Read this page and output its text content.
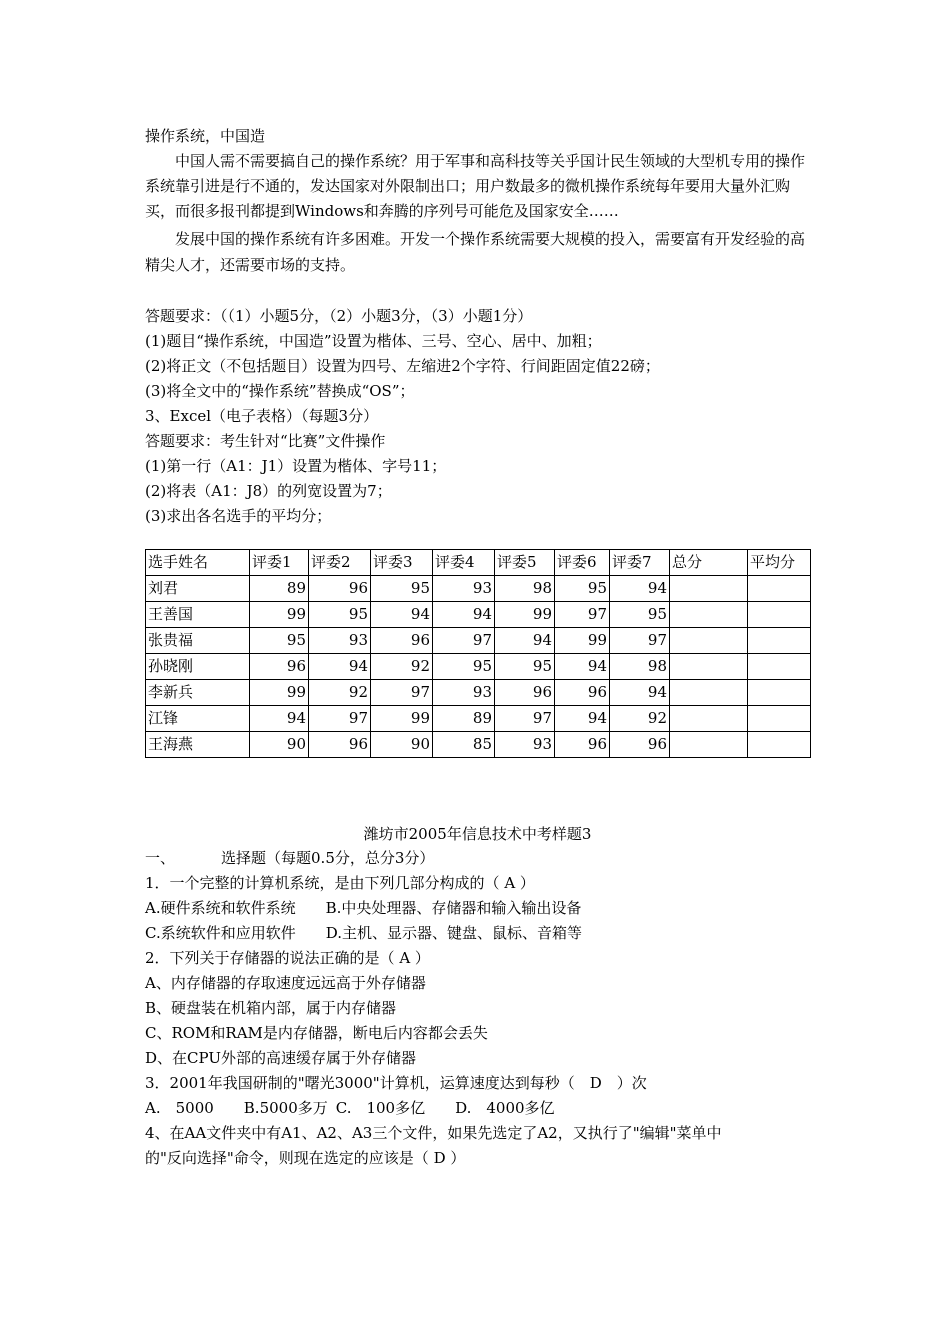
操作系统，中国造

中国人需不需要搞自己的操作系统？用于军事和高科技等关乎国计民生领域的大型机专用的操作系统靠引进是行不通的，发达国家对外限制出口；用户数最多的微机操作系统每年要用大量外汇购买，而很多报刊都提到Windows和奔腾的序列号可能危及国家安全……

发展中国的操作系统有许多困难。开发一个操作系统需要大规模的投入，需要富有开发经验的高精尖人才，还需要市场的支持。

答题要求：（（1）小题5分，（2）小题3分，（3）小题1分）

(1)题目“操作系统，中国造”设置为楷体、三号、空心、居中、加粗；

(2)将正文（不包括题目）设置为四号、左缩进2个字符、行间距固定值22磅；

(3)将全文中的“操作系统”替换成“OS”；

3、Excel（电子表格）（每题3分）

答题要求：考生针对“比赛”文件操作

(1)第一行（A1：J1）设置为楷体、字号11；

(2)将表（A1：J8）的列宽设置为7；

(3)求出各名选手的平均分；

选手姓名	评委1	评委2	评委3	评委4	评委5	评委6	评委7	总分	平均分
刘君	89	96	95	93	98	95	94		
王善国	99	95	94	94	99	97	95		
张贵福	95	93	96	97	94	99	97		
孙晓刚	96	94	92	95	95	94	98		
李新兵	99	92	97	93	96	96	94		
江锋	94	97	99	89	97	94	92		
王海燕	90	96	90	85	93	96	96		
潍坊市2005年信息技术中考样题3

一、	选择题（每题0.5分，总分3分）

1．一个完整的计算机系统，是由下列几部分构成的（ A ）

A.硬件系统和软件系统 B.中央处理器、存储器和输入输出设备

C.系统软件和应用软件 D.主机、显示器、键盘、鼠标、音箱等

2．下列关于存储器的说法正确的是（ A ）

A、内存储器的存取速度远远高于外存储器

B、硬盘装在机箱内部，属于内存储器

C、ROM和RAM是内存储器，断电后内容都会丢失

D、在CPU外部的高速缓存属于外存储器

3．2001年我国研制的"曙光3000"计算机，运算速度达到每秒（　D　）次

A.　5000 B.5000多万 C.　100多亿 D.　4000多亿

4、在AA文件夹中有A1、A2、A3三个文件，如果先选定了A2，又执行了"编辑"菜单中

的"反向选择"命令，则现在选定的应该是（ D ）
